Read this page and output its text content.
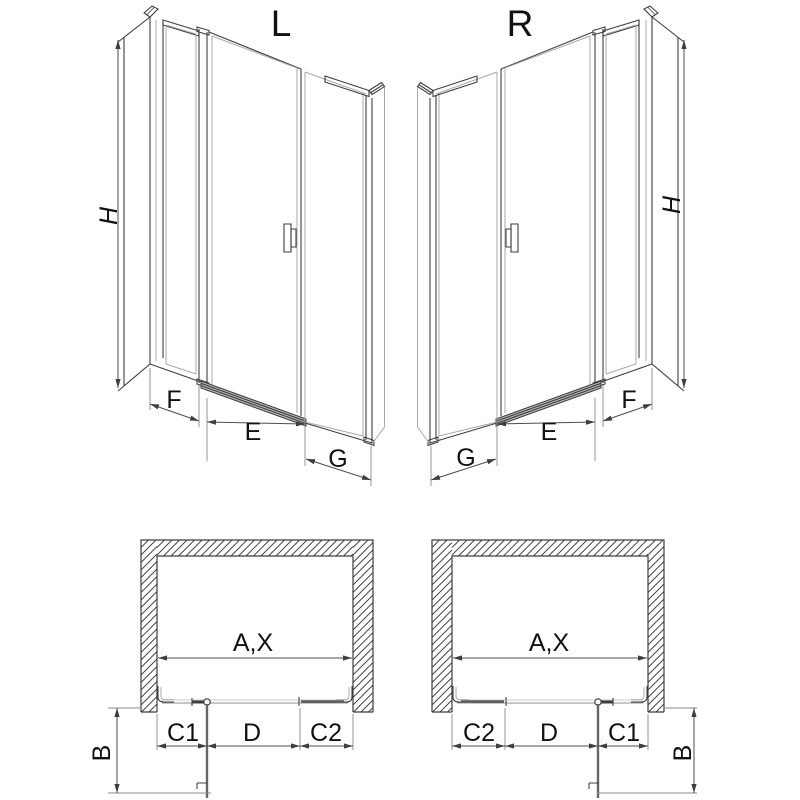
L
H
F
E
G
R
H
G
E
F
A,X
C1 D C2
B
A,X
C2 D C1
B
